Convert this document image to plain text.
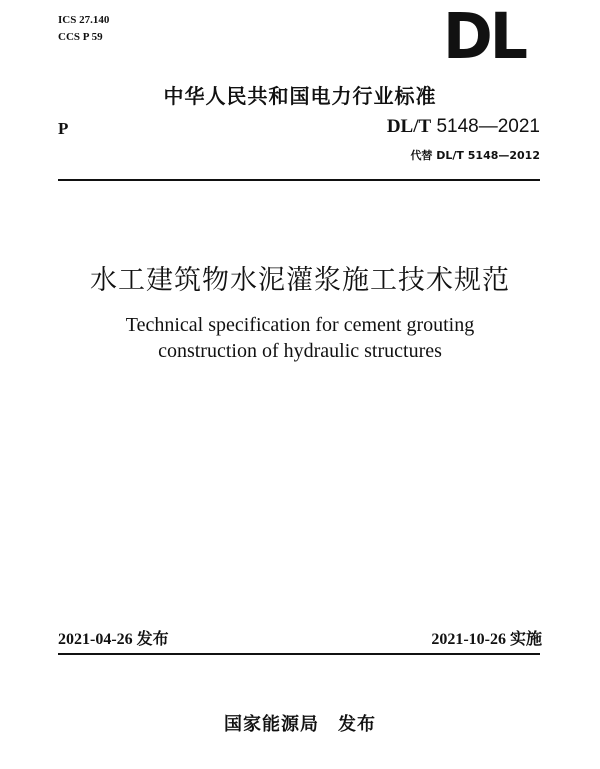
ICS 27.140
CCS P 59	DL
中华人民共和国电力行业标准
P	DL/T 5148—2021
代替 DL/T 5148—2012
水工建筑物水泥灌浆施工技术规范
Technical specification for cement grouting
construction of hydraulic structures
2021-04-26 发布	2021-10-26 实施
国家能源局　发布
